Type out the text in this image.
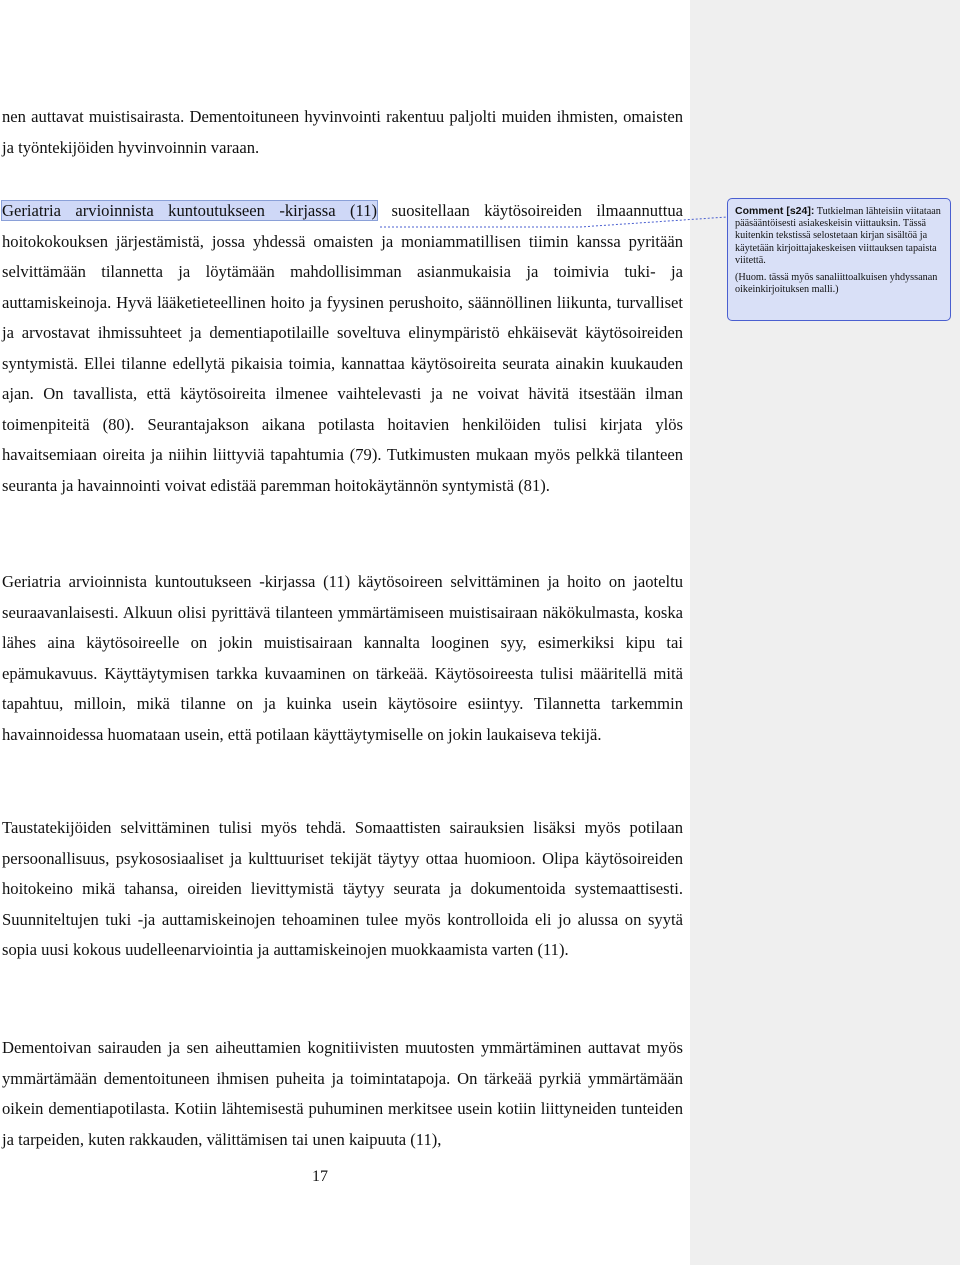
nen auttavat muistisairasta. Dementoituneen hyvinvointi rakentuu paljolti muiden ihmisten, omaisten ja työntekijöiden hyvinvoinnin varaan.

Geriatria arvioinnista kuntoutukseen -kirjassa (11) suositellaan käytösoireiden ilmaannuttua hoitokokouksen järjestämistä, jossa yhdessä omaisten ja moniammatillisen tiimin kanssa pyritään selvittämään tilannetta ja löytämään mahdollisimman asianmukaisia ja toimivia tuki- ja auttamiskeinoja. Hyvä lääketieteellinen hoito ja fyysinen perushoito, säännöllinen liikunta, turvalliset ja arvostavat ihmissuhteet ja dementiapotilaille soveltuva elinympäristö ehkäisevät käytösoireiden syntymistä. Ellei tilanne edellytä pikaisia toimia, kannattaa käytösoireita seurata ainakin kuukauden ajan. On tavallista, että käytösoireita ilmenee vaihtelevasti ja ne voivat hävitä itsestään ilman toimenpiteitä (80). Seurantajakson aikana potilasta hoitavien henkilöiden tulisi kirjata ylös havaitsemiaan oireita ja niihin liittyviä tapahtumia (79). Tutkimusten mukaan myös pelkkä tilanteen seuranta ja havainnointi voivat edistää paremman hoitokäytännön syntymistä (81).

Geriatria arvioinnista kuntoutukseen -kirjassa (11) käytösoireen selvittäminen ja hoito on jaoteltu seuraavanlaisesti. Alkuun olisi pyrittävä tilanteen ymmärtämiseen muistisairaan näkökulmasta, koska lähes aina käytösoireelle on jokin muistisairaan kannalta looginen syy, esimerkiksi kipu tai epämukavuus. Käyttäytymisen tarkka kuvaaminen on tärkeää. Käytösoireesta tulisi määritellä mitä tapahtuu, milloin, mikä tilanne on ja kuinka usein käytösoire esiintyy. Tilannetta tarkemmin havainnoidessa huomataan usein, että potilaan käyttäytymiselle on jokin laukaiseva tekijä.

Taustatekijöiden selvittäminen tulisi myös tehdä. Somaattisten sairauksien lisäksi myös potilaan persoonallisuus, psykososiaaliset ja kulttuuriset tekijät täytyy ottaa huomioon. Olipa käytösoireiden hoitokeino mikä tahansa, oireiden lievittymistä täytyy seurata ja dokumentoida systemaattisesti. Suunniteltujen tuki -ja auttamiskeinojen tehoaminen tulee myös kontrolloida eli jo alussa on syytä sopia uusi kokous uudelleenarviointia ja auttamiskeinojen muokkaamista varten (11).

Dementoivan sairauden ja sen aiheuttamien kognitiivisten muutosten ymmärtäminen auttavat myös ymmärtämään dementoituneen ihmisen puheita ja toimintatapoja. On tärkeää pyrkiä ymmärtämään oikein dementiapotilasta. Kotiin lähtemisestä puhuminen merkitsee usein kotiin liittyneiden tunteiden ja tarpeiden, kuten rakkauden, välittämisen tai unen kaipuuta (11),

Comment [s24]: Tutkielman lähteisiin viitataan pääsääntöisesti asiakeskeisin viittauksin. Tässä kuitenkin tekstissä selostetaan kirjan sisältöä ja käytetään kirjoittajakeskeisen viittauksen tapaista viitettä.
(Huom. tässä myös sanaliittoalkuisen yhdyssanan oikeinkirjoituksen malli.)
17
